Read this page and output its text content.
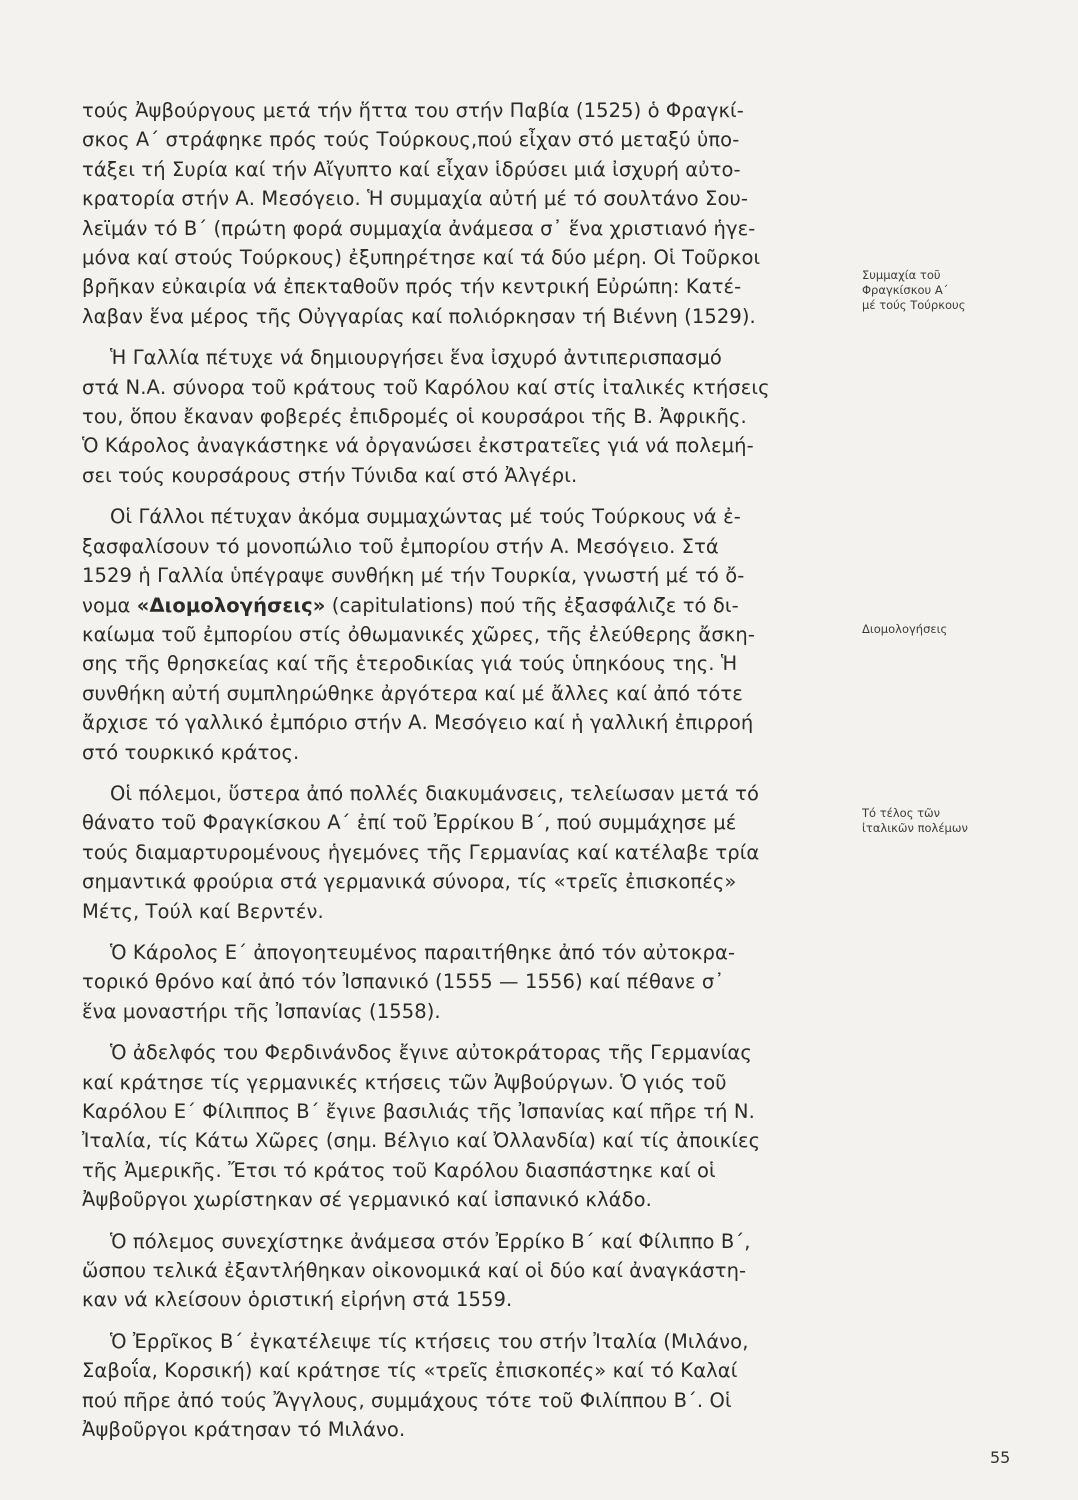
τούς Ἀψβούργους μετά τήν ἥττα του στήν Παβία (1525) ὁ Φραγκί-
σκος Α΄ στράφηκε πρός τούς Τούρκους,πού εἶχαν στό μεταξύ ὑπο-
τάξει τή Συρία καί τήν Αἴγυπτο καί εἶχαν ἱδρύσει μιά ἰσχυρή αὐτο-
κρατορία στήν Α. Μεσόγειο. Ἡ συμμαχία αὐτή μέ τό σουλτάνο Σου-
λεϊμάν τό Β΄ (πρώτη φορά συμμαχία ἀνάμεσα σ᾽ ἕνα χριστιανό ἡγε-
μόνα καί στούς Τούρκους) ἐξυπηρέτησε καί τά δύο μέρη. Οἱ Τοῦρκοι
βρῆκαν εὐκαιρία νά ἐπεκταθοῦν πρός τήν κεντρική Εὐρώπη: Κατέ-
λαβαν ἕνα μέρος τῆς Οὐγγαρίας καί πολιόρκησαν τή Βιέννη (1529).

Ἡ Γαλλία πέτυχε νά δημιουργήσει ἕνα ἰσχυρό ἀντιπερισπασμό
στά Ν.Α. σύνορα τοῦ κράτους τοῦ Καρόλου καί στίς ἰταλικές κτήσεις
του, ὅπου ἔκαναν φοβερές ἐπιδρομές οἱ κουρσάροι τῆς Β. Ἀφρικῆς.
Ὁ Κάρολος ἀναγκάστηκε νά ὀργανώσει ἐκστρατεῖες γιά νά πολεμή-
σει τούς κουρσάρους στήν Τύνιδα καί στό Ἀλγέρι.

Οἱ Γάλλοι πέτυχαν ἀκόμα συμμαχώντας μέ τούς Τούρκους νά ἐ-
ξασφαλίσουν τό μονοπώλιο τοῦ ἐμπορίου στήν Α. Μεσόγειο. Στά
1529 ἡ Γαλλία ὑπέγραψε συνθήκη μέ τήν Τουρκία, γνωστή μέ τό ὄ-
νομα «Διομολογήσεις» (capitulations) πού τῆς ἐξασφάλιζε τό δι-
καίωμα τοῦ ἐμπορίου στίς ὀθωμανικές χῶρες, τῆς ἐλεύθερης ἄσκη-
σης τῆς θρησκείας καί τῆς ἑτεροδικίας γιά τούς ὑπηκόους της. Ἡ
συνθήκη αὐτή συμπληρώθηκε ἀργότερα καί μέ ἄλλες καί ἀπό τότε
ἄρχισε τό γαλλικό ἐμπόριο στήν Α. Μεσόγειο καί ἡ γαλλική ἐπιρροή
στό τουρκικό κράτος.

Οἱ πόλεμοι, ὕστερα ἀπό πολλές διακυμάνσεις, τελείωσαν μετά τό
θάνατο τοῦ Φραγκίσκου Α΄ ἐπί τοῦ Ἐρρίκου Β΄, πού συμμάχησε μέ
τούς διαμαρτυρομένους ἡγεμόνες τῆς Γερμανίας καί κατέλαβε τρία
σημαντικά φρούρια στά γερμανικά σύνορα, τίς «τρεῖς ἐπισκοπές»
Μέτς, Τούλ καί Βερντέν.

Ὁ Κάρολος Ε΄ ἀπογοητευμένος παραιτήθηκε ἀπό τόν αὐτοκρα-
τορικό θρόνο καί ἀπό τόν Ἰσπανικό (1555 — 1556) καί πέθανε σ᾽
ἕνα μοναστήρι τῆς Ἰσπανίας (1558).

Ὁ ἀδελφός του Φερδινάνδος ἔγινε αὐτοκράτορας τῆς Γερμανίας
καί κράτησε τίς γερμανικές κτήσεις τῶν Ἀψβούργων. Ὁ γιός τοῦ
Καρόλου Ε΄ Φίλιππος Β΄ ἔγινε βασιλιάς τῆς Ἰσπανίας καί πῆρε τή Ν.
Ἰταλία, τίς Κάτω Χῶρες (σημ. Βέλγιο καί Ὀλλανδία) καί τίς ἀποικίες
τῆς Ἀμερικῆς. Ἔτσι τό κράτος τοῦ Καρόλου διασπάστηκε καί οἱ
Ἀψβοῦργοι χωρίστηκαν σέ γερμανικό καί ἰσπανικό κλάδο.

Ὁ πόλεμος συνεχίστηκε ἀνάμεσα στόν Ἐρρίκο Β΄ καί Φίλιππο Β΄,
ὥσπου τελικά ἐξαντλήθηκαν οἰκονομικά καί οἱ δύο καί ἀναγκάστη-
καν νά κλείσουν ὁριστική εἰρήνη στά 1559.

Ὁ Ἐρρῖκος Β΄ ἐγκατέλειψε τίς κτήσεις του στήν Ἰταλία (Μιλάνο,
Σαβοΐα, Κορσική) καί κράτησε τίς «τρεῖς ἐπισκοπές» καί τό Καλαί
πού πῆρε ἀπό τούς Ἄγγλους, συμμάχους τότε τοῦ Φιλίππου Β΄. Οἱ
Ἀψβοῦργοι κράτησαν τό Μιλάνο.

Συμμαχία τοῦ
Φραγκίσκου Α΄
μέ τούς Τούρκους
Διομολογήσεις
Τό τέλος τῶν
ἰταλικῶν πολέμων
55
